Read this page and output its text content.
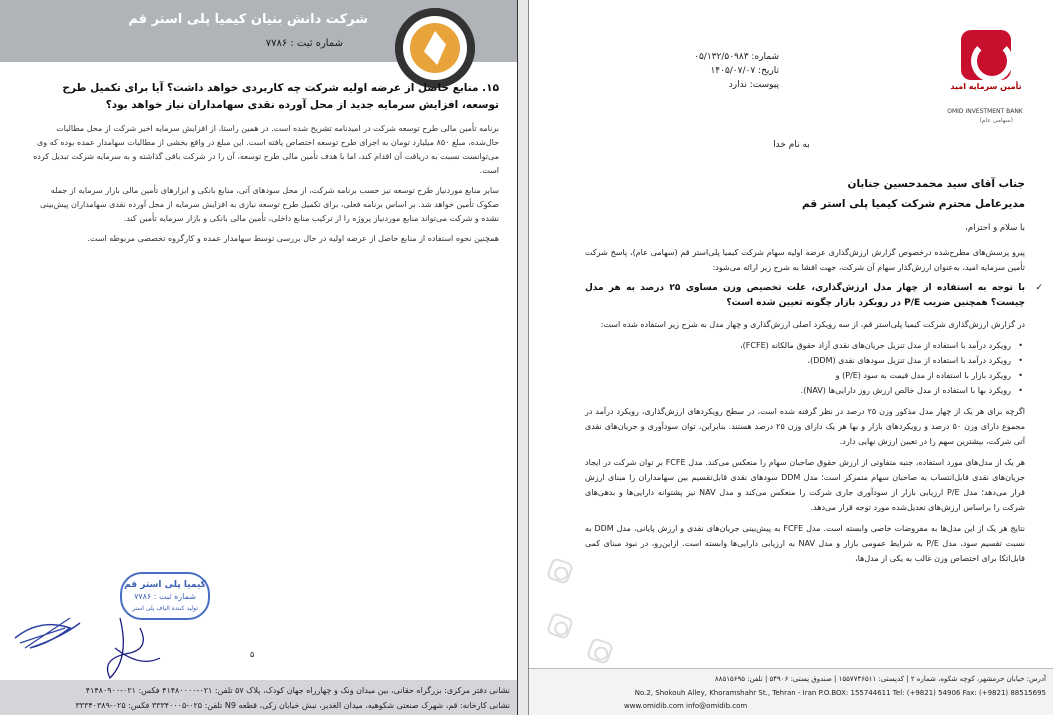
شرکت دانش بنیان کیمیا پلی استر قم
شماره ثبت : ۷۷۸۶
۱۵. منابع حاصل از عرضه اولیه شرکت چه کاربردی خواهد داشت؟ آیا برای تکمیل طرح توسعه، افزایش سرمایه جدید از محل آورده نقدی سهامداران نیاز خواهد بود؟

برنامه تأمین مالی طرح توسعه شرکت در امیدنامه تشریح شده است. در همین راستا، از افزایش سرمایه اخیر شرکت از محل مطالبات حال‌شده، مبلغ ۸۵۰ میلیارد تومان به اجرای طرح توسعه اختصاص یافته است. این مبلغ در واقع بخشی از مطالبات سهامدار عمده بوده که وی می‌توانست نسبت به دریافت آن اقدام کند، اما با هدف تأمین مالی طرح توسعه، آن را در شرکت باقی گذاشته و به سرمایه شرکت تبدیل کرده است.

سایر منابع موردنیاز طرح توسعه نیز حسب برنامه شرکت، از محل سودهای آتی، منابع بانکی و ابزارهای تأمین مالی بازار سرمایه از جمله صکوک تأمین خواهد شد. بر اساس برنامه فعلی، برای تکمیل طرح توسعه نیازی به افزایش سرمایه از محل آورده نقدی سهامداران پیش‌بینی نشده و شرکت می‌تواند منابع موردنیاز پروژه را از ترکیب منابع داخلی، تأمین مالی بانکی و بازار سرمایه تأمین کند.

همچنین نحوه استفاده از منابع حاصل از عرضه اولیه در حال بررسی توسط سهامدار عمده و کارگروه تخصصی مربوطه است.

کیمیا پلی استر قم
شماره ثبت : ۷۷۸۶
تولید کننده الیاف پلی استر
۵
نشانی دفتر مرکزی: بزرگراه حقانی، بین میدان ونک و چهارراه جهان کودک، پلاک ۵۷ تلفن: ۰۲۱-۴۱۴۸۰۰۰۰ فکس: ۰۲۱-۴۱۴۸۰۹۰۰
نشانی کارخانه: قم، شهرک صنعتی شکوهیه، میدان الغدیر، نبش خیابان زکی، قطعه N9 تلفن: ۰۲۵-۳۳۳۴۰۰۰۵ فکس: ۰۲۵-۳۳۳۴۰۳۸۹
تأمین سرمایه امید
OMID INVESTMENT BANK
(سهامی عام)
شماره: ۰۵/۱۳۲/۵۰۹۸۳
تاریخ: ۱۴۰۵/۰۷/۰۷
پیوست: ندارد
به نام خدا
جناب آقای سید محمدحسین جنابان
مدیرعامل محترم شرکت کیمیا پلی استر قم
با سلام و احترام،

پیرو پرسش‌های مطرح‌شده درخصوص گزارش ارزش‌گذاری عرضه اولیه سهام شرکت کیمیا پلی‌استر قم (سهامی عام)، پاسخ شرکت تأمین سرمایه امید، به‌عنوان ارزش‌گذار سهام آن شرکت، جهت افشا به شرح زیر ارائه می‌شود:

✓
با توجه به استفاده از چهار مدل ارزش‌گذاری، علت تخصیص وزن مساوی ۲۵ درصد به هر مدل چیست؟ همچنین ضریب P/E در رویکرد بازار چگونه تعیین شده است؟

در گزارش ارزش‌گذاری شرکت کیمیا پلی‌استر قم، از سه رویکرد اصلی ارزش‌گذاری و چهار مدل به شرح زیر استفاده شده است:

• رویکرد درآمد با استفاده از مدل تنزیل جریان‌های نقدی آزاد حقوق مالکانه (FCFE)،
• رویکرد درآمد با استفاده از مدل تنزیل سودهای نقدی (DDM)،
• رویکرد بازار با استفاده از مدل قیمت به سود (P/E) و
• رویکرد بها با استفاده از مدل خالص ارزش روز دارایی‌ها (NAV).

اگرچه برای هر یک از چهار مدل مذکور وزن ۲۵ درصد در نظر گرفته شده است، در سطح رویکردهای ارزش‌گذاری، رویکرد درآمد در مجموع دارای وزن ۵۰ درصد و رویکردهای بازار و بها هر یک دارای وزن ۲۵ درصد هستند. بنابراین، توان سودآوری و جریان‌های نقدی آتی شرکت، بیشترین سهم را در تعیین ارزش نهایی دارد.

هر یک از مدل‌های مورد استفاده، جنبه متفاوتی از ارزش حقوق صاحبان سهام را منعکس می‌کند. مدل FCFE بر توان شرکت در ایجاد جریان‌های نقدی قابل‌انتساب به صاحبان سهام متمرکز است؛ مدل DDM سودهای نقدی قابل‌تقسیم بین سهامداران را مبنای ارزش قرار می‌دهد؛ مدل P/E ارزیابی بازار از سودآوری جاری شرکت را منعکس می‌کند و مدل NAV نیز پشتوانه دارایی‌ها و بدهی‌های شرکت را براساس ارزش‌های تعدیل‌شده مورد توجه قرار می‌دهد.

نتایج هر یک از این مدل‌ها به مفروضات خاصی وابسته است. مدل FCFE به پیش‌بینی جریان‌های نقدی و ارزش پایانی، مدل DDM به نسبت تقسیم سود، مدل P/E به شرایط عمومی بازار و مدل NAV به ارزیابی دارایی‌ها وابسته است. ازاین‌رو، در نبود مبنای کمی قابل‌اتکا برای اختصاص وزن غالب به یکی از مدل‌ها،

آدرس: خیابان خرمشهر، کوچه شکوه، شماره ۲ | کدپستی: ۱۵۵۷۷۴۶۵۱۱ | صندوق پستی: ۵۴۹۰۶ | تلفن: ۸۸۵۱۵۶۹۵
No.2, Shokouh Alley, Khoramshahr St., Tehran - Iran P.O.BOX: 155744611 Tel: (+9821) 54906 Fax: (+9821) 88515695
www.omidib.com info@omidib.com
